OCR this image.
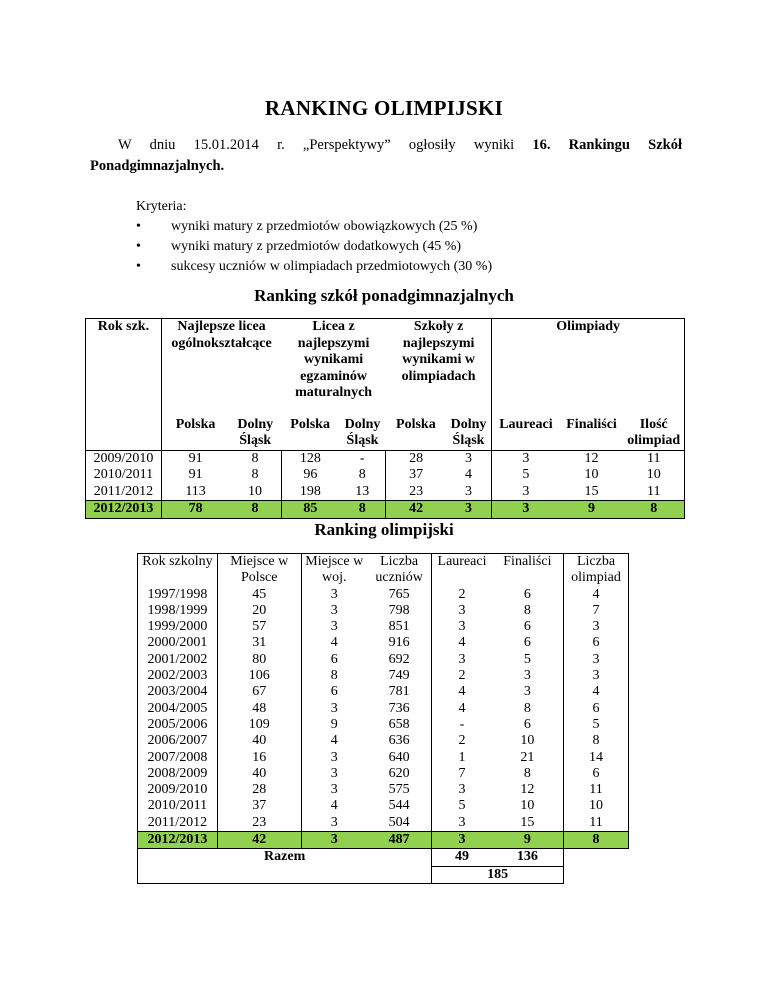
RANKING OLIMPIJSKI
W dniu 15.01.2014 r. „Perspektywy” ogłosiły wyniki 16. Rankingu Szkół Ponadgimnazjalnych.
Kryteria:
• wyniki matury z przedmiotów obowiązkowych (25 %)
• wyniki matury z przedmiotów dodatkowych (45 %)
• sukcesy uczniów w olimpiadach przedmiotowych (30 %)
Ranking szkół ponadgimnazjalnych
Rok szk.	Najlepsze licea ogólnokształcące		Licea z najlepszymi wynikami egzaminów maturalnych		Szkoły z najlepszymi wynikami w olimpiadach		Olimpiady		
	Polska	Dolny Śląsk	Polska	Dolny Śląsk	Polska	Dolny Śląsk	Laureaci	Finaliści	Ilość olimpiad
2009/2010	91	8	128	-	28	3	3	12	11
2010/2011	91	8	96	8	37	4	5	10	10
2011/2012	113	10	198	13	23	3	3	15	11
2012/2013	78	8	85	8	42	3	3	9	8
Ranking olimpijski
Rok szkolny	Miejsce w Polsce	Miejsce w woj.	Liczba uczniów	Laureaci	Finaliści	Liczba olimpiad
1997/1998	45	3	765	2	6	4
1998/1999	20	3	798	3	8	7
1999/2000	57	3	851	3	6	3
2000/2001	31	4	916	4	6	6
2001/2002	80	6	692	3	5	3
2002/2003	106	8	749	2	3	3
2003/2004	67	6	781	4	3	4
2004/2005	48	3	736	4	8	6
2005/2006	109	9	658	-	6	5
2006/2007	40	4	636	2	10	8
2007/2008	16	3	640	1	21	14
2008/2009	40	3	620	7	8	6
2009/2010	28	3	575	3	12	11
2010/2011	37	4	544	5	10	10
2011/2012	23	3	504	3	15	11
2012/2013	42	3	487	3	9	8
Razem				49	136	
				185		
